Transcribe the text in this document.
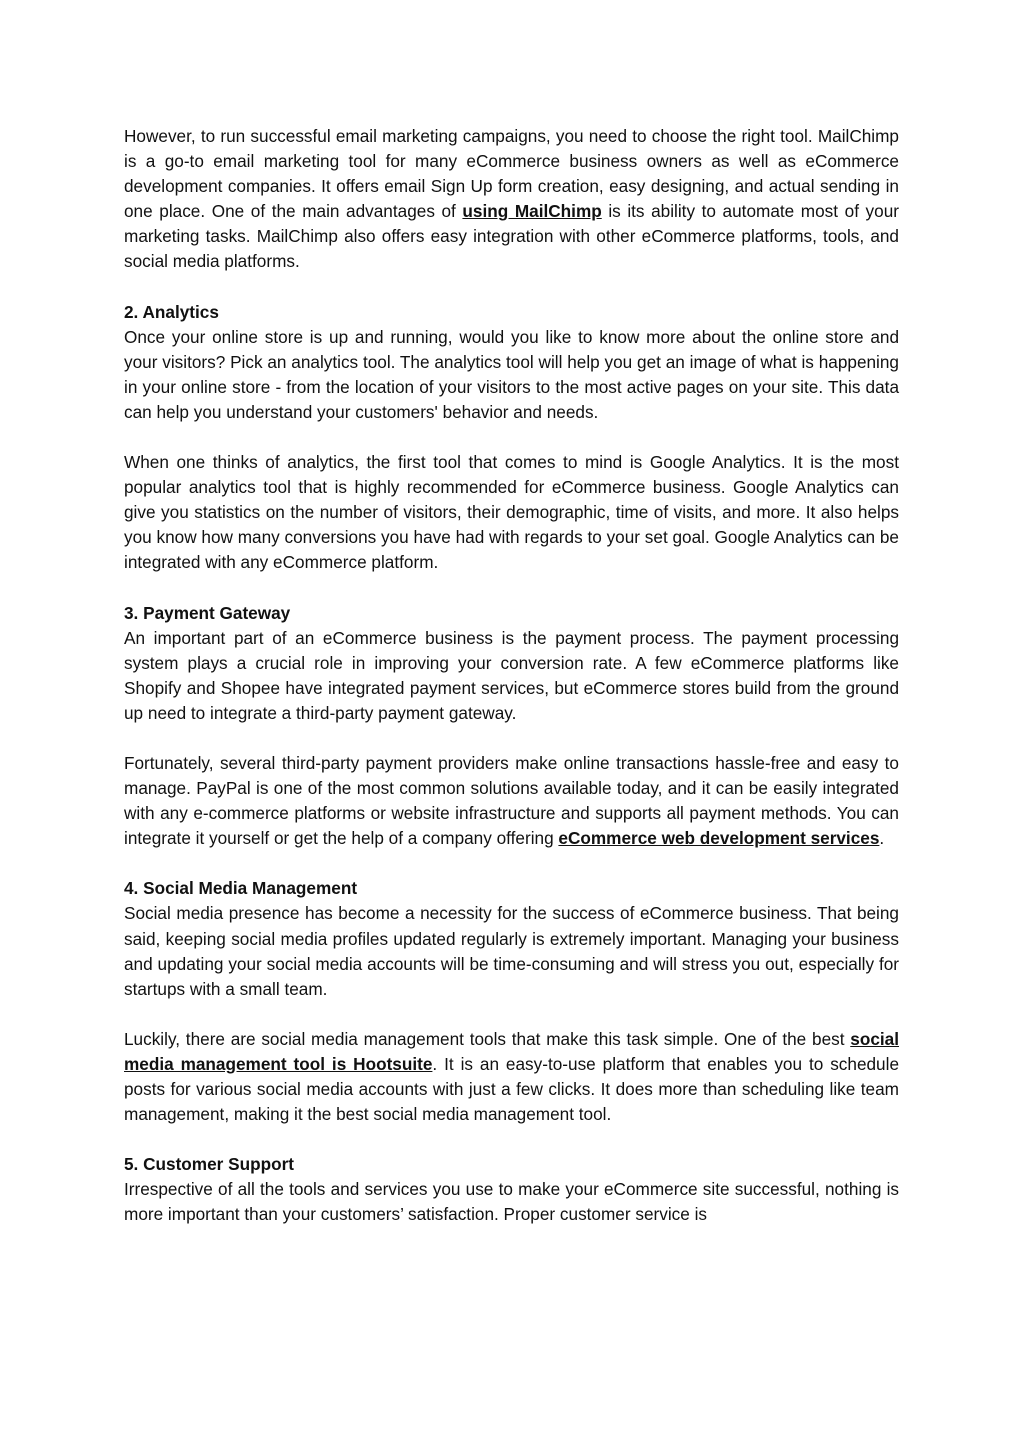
However, to run successful email marketing campaigns, you need to choose the right tool. MailChimp is a go-to email marketing tool for many eCommerce business owners as well as eCommerce development companies. It offers email Sign Up form creation, easy designing, and actual sending in one place. One of the main advantages of using MailChimp is its ability to automate most of your marketing tasks. MailChimp also offers easy integration with other eCommerce platforms, tools, and social media platforms.

2. Analytics

Once your online store is up and running, would you like to know more about the online store and your visitors? Pick an analytics tool. The analytics tool will help you get an image of what is happening in your online store - from the location of your visitors to the most active pages on your site. This data can help you understand your customers' behavior and needs.

When one thinks of analytics, the first tool that comes to mind is Google Analytics. It is the most popular analytics tool that is highly recommended for eCommerce business. Google Analytics can give you statistics on the number of visitors, their demographic, time of visits, and more. It also helps you know how many conversions you have had with regards to your set goal. Google Analytics can be integrated with any eCommerce platform.

3. Payment Gateway

An important part of an eCommerce business is the payment process. The payment processing system plays a crucial role in improving your conversion rate. A few eCommerce platforms like Shopify and Shopee have integrated payment services, but eCommerce stores build from the ground up need to integrate a third-party payment gateway.

Fortunately, several third-party payment providers make online transactions hassle-free and easy to manage. PayPal is one of the most common solutions available today, and it can be easily integrated with any e-commerce platforms or website infrastructure and supports all payment methods. You can integrate it yourself or get the help of a company offering eCommerce web development services.

4. Social Media Management

Social media presence has become a necessity for the success of eCommerce business. That being said, keeping social media profiles updated regularly is extremely important. Managing your business and updating your social media accounts will be time-consuming and will stress you out, especially for startups with a small team.

Luckily, there are social media management tools that make this task simple. One of the best social media management tool is Hootsuite. It is an easy-to-use platform that enables you to schedule posts for various social media accounts with just a few clicks. It does more than scheduling like team management, making it the best social media management tool.

5. Customer Support

Irrespective of all the tools and services you use to make your eCommerce site successful, nothing is more important than your customers’ satisfaction. Proper customer service is
